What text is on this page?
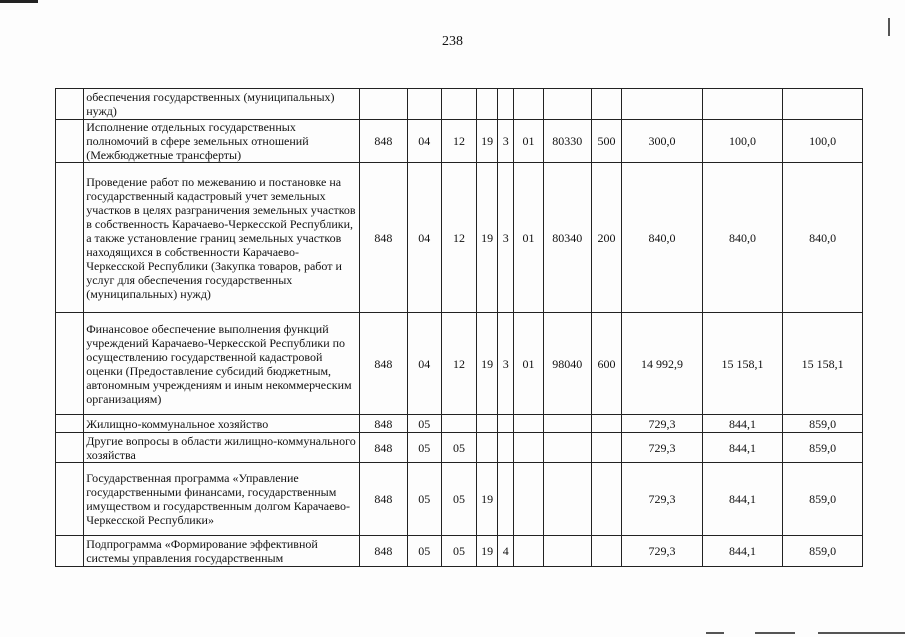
238
	обеспечения государственных (муниципальных) нужд)											
	Исполнение отдельных государственных полномочий в сфере земельных отношений (Межбюджетные трансферты)	848	04	12	19	3	01	80330	500	300,0	100,0	100,0
	Проведение работ по межеванию и постановке на государственный кадастровый учет земельных участков в целях разграничения земельных участков в собственность Карачаево-Черкесской Республики, а также установление границ земельных участков находящихся в собственности Карачаево-Черкесской Республики (Закупка товаров, работ и услуг для обеспечения государственных (муниципальных) нужд)	848	04	12	19	3	01	80340	200	840,0	840,0	840,0
	Финансовое обеспечение выполнения функций учреждений Карачаево-Черкесской Республики по осуществлению государственной кадастровой оценки (Предоставление субсидий бюджетным, автономным учреждениям и иным некоммерческим организациям)	848	04	12	19	3	01	98040	600	14 992,9	15 158,1	15 158,1
	Жилищно-коммунальное хозяйство	848	05							729,3	844,1	859,0
	Другие вопросы в области жилищно-коммунального хозяйства	848	05	05						729,3	844,1	859,0
	Государственная программа «Управление государственными финансами, государственным имуществом и государственным долгом Карачаево-Черкесской Республики»	848	05	05	19					729,3	844,1	859,0
	Подпрограмма «Формирование эффективной системы управления государственным	848	05	05	19	4				729,3	844,1	859,0
